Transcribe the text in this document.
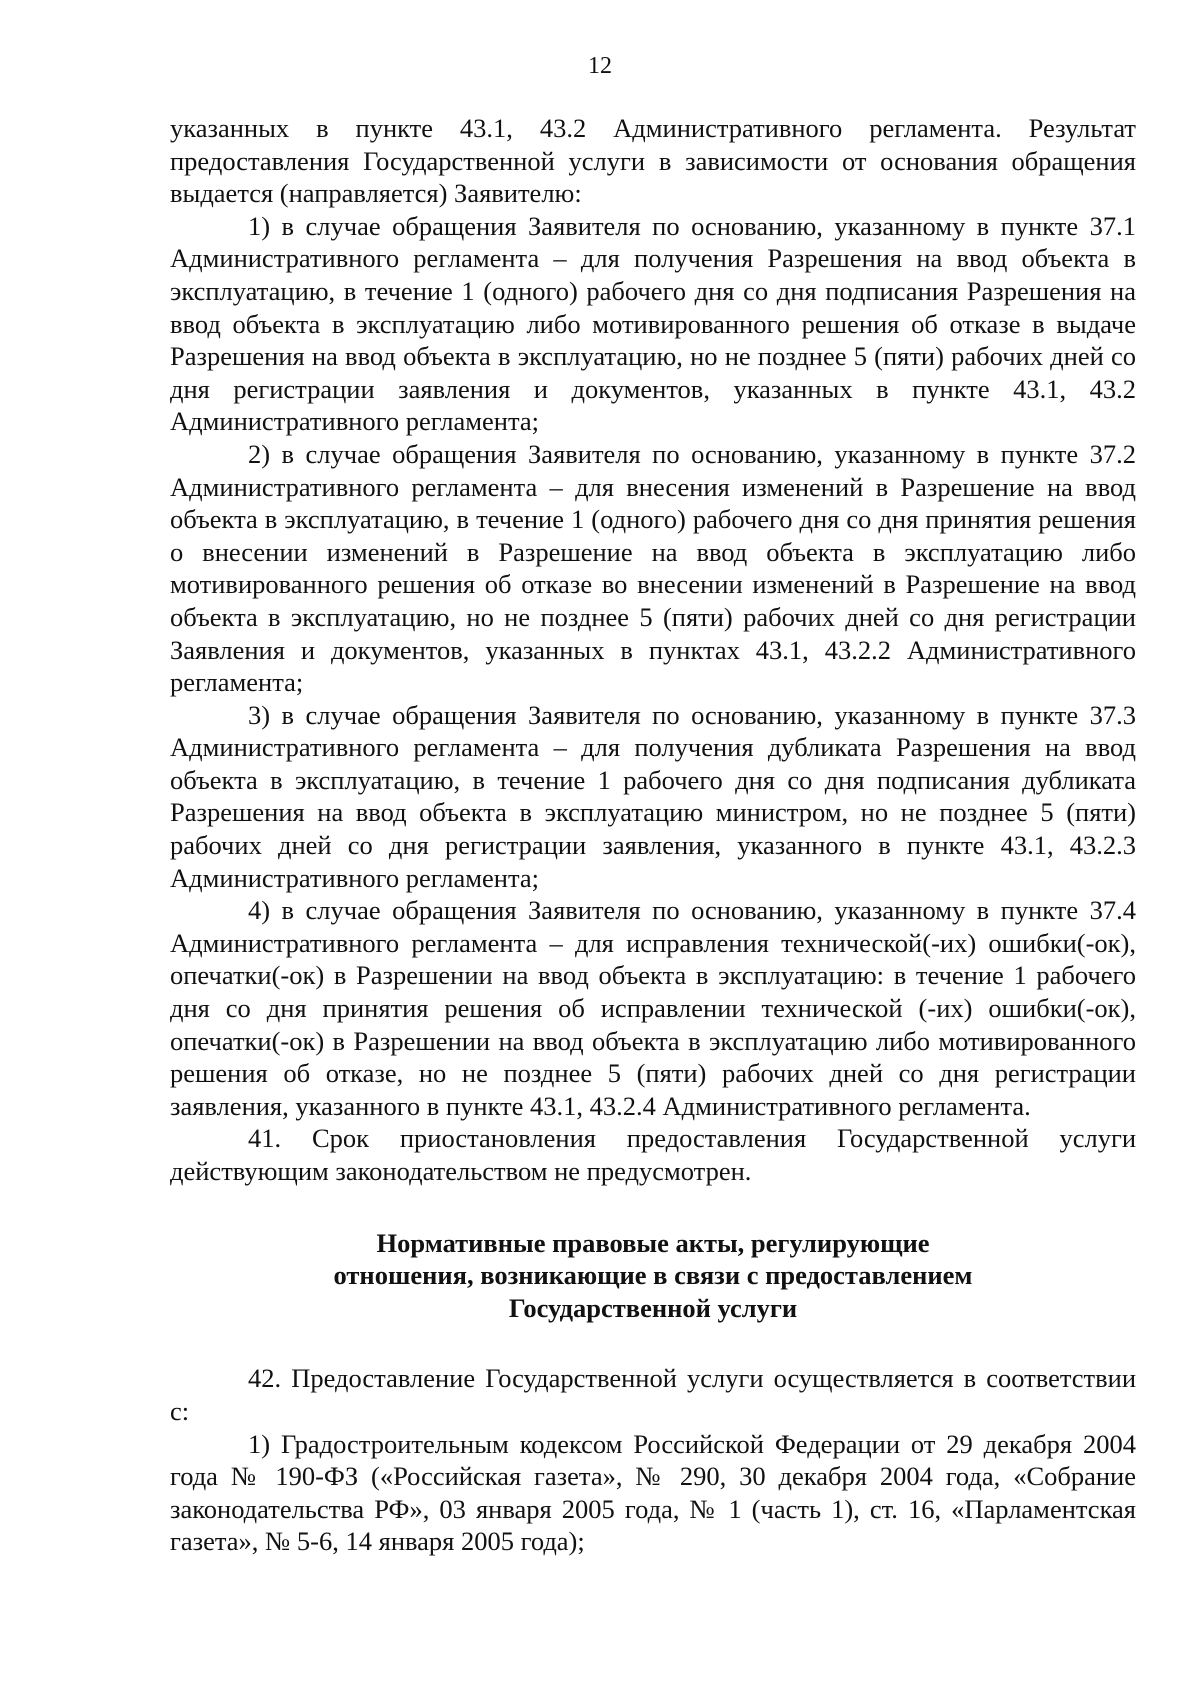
12

указанных в пункте 43.1, 43.2 Административного регламента. Результат предоставления Государственной услуги в зависимости от основания обращения выдается (направляется) Заявителю:

1) в случае обращения Заявителя по основанию, указанному в пункте 37.1 Административного регламента – для получения Разрешения на ввод объекта в эксплуатацию, в течение 1 (одного) рабочего дня со дня подписания Разрешения на ввод объекта в эксплуатацию либо мотивированного решения об отказе в выдаче Разрешения на ввод объекта в эксплуатацию, но не позднее 5 (пяти) рабочих дней со дня регистрации заявления и документов, указанных в пункте 43.1, 43.2 Административного регламента;

2) в случае обращения Заявителя по основанию, указанному в пункте 37.2 Административного регламента – для внесения изменений в Разрешение на ввод объекта в эксплуатацию, в течение 1 (одного) рабочего дня со дня принятия решения о внесении изменений в Разрешение на ввод объекта в эксплуатацию либо мотивированного решения об отказе во внесении изменений в Разрешение на ввод объекта в эксплуатацию, но не позднее 5 (пяти) рабочих дней со дня регистрации Заявления и документов, указанных в пунктах 43.1, 43.2.2 Административного регламента;

3) в случае обращения Заявителя по основанию, указанному в пункте 37.3 Административного регламента – для получения дубликата Разрешения на ввод объекта в эксплуатацию, в течение 1 рабочего дня со дня подписания дубликата Разрешения на ввод объекта в эксплуатацию министром, но не позднее 5 (пяти) рабочих дней со дня регистрации заявления, указанного в пункте 43.1, 43.2.3 Административного регламента;

4) в случае обращения Заявителя по основанию, указанному в пункте 37.4 Административного регламента – для исправления технической(-их) ошибки(-ок), опечатки(-ок) в Разрешении на ввод объекта в эксплуатацию: в течение 1 рабочего дня со дня принятия решения об исправлении технической (-их) ошибки(-ок), опечатки(-ок) в Разрешении на ввод объекта в эксплуатацию либо мотивированного решения об отказе, но не позднее 5 (пяти) рабочих дней со дня регистрации заявления, указанного в пункте 43.1, 43.2.4 Административного регламента.

41. Срок приостановления предоставления Государственной услуги действующим законодательством не предусмотрен.

Нормативные правовые акты, регулирующие
отношения, возникающие в связи с предоставлением
Государственной услуги

42. Предоставление Государственной услуги осуществляется в соответствии с:

1) Градостроительным кодексом Российской Федерации от 29 декабря 2004 года № 190-ФЗ («Российская газета», № 290, 30 декабря 2004 года, «Собрание законодательства РФ», 03 января 2005 года, № 1 (часть 1), ст. 16, «Парламентская газета», № 5-6, 14 января 2005 года);
